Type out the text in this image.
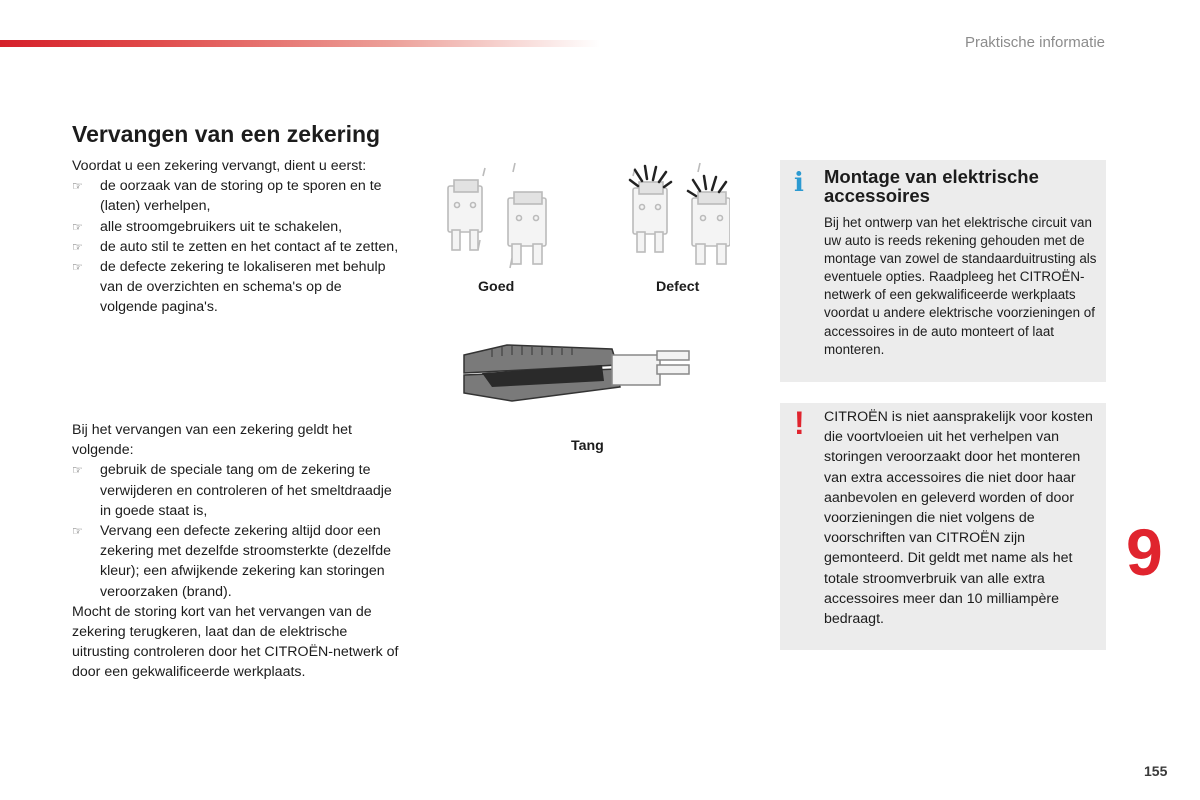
Praktische informatie
Vervangen van een zekering

Voordat u een zekering vervangt, dient u eerst:

☞ de oorzaak van de storing op te sporen en te (laten) verhelpen,
☞ alle stroomgebruikers uit te schakelen,
☞ de auto stil te zetten en het contact af te zetten,
☞ de defecte zekering te lokaliseren met behulp van de overzichten en schema's op de volgende pagina's.

Bij het vervangen van een zekering geldt het volgende:

☞ gebruik de speciale tang om de zekering te verwijderen en controleren of het smeltdraadje in goede staat is,
☞ Vervang een defecte zekering altijd door een zekering met dezelfde stroomsterkte (dezelfde kleur); een afwijkende zekering kan storingen veroorzaken (brand).

Mocht de storing kort van het vervangen van de zekering terugkeren, laat dan de elektrische uitrusting controleren door het CITROËN-netwerk of door een gekwalificeerde werkplaats.

Goed	Defect
Tang
i Montage van elektrische accessoires

Bij het ontwerp van het elektrische circuit van uw auto is reeds rekening gehouden met de montage van zowel de standaarduitrusting als eventuele opties. Raadpleeg het CITROËN-netwerk of een gekwalificeerde werkplaats voordat u andere elektrische voorzieningen of accessoires in de auto monteert of laat monteren.

! CITROËN is niet aansprakelijk voor kosten die voortvloeien uit het verhelpen van storingen veroorzaakt door het monteren van extra accessoires die niet door haar aanbevolen en geleverd worden of door voorzieningen die niet volgens de voorschriften van CITROËN zijn gemonteerd. Dit geldt met name als het totale stroomverbruik van alle extra accessoires meer dan 10 milliampère bedraagt.

9
155
